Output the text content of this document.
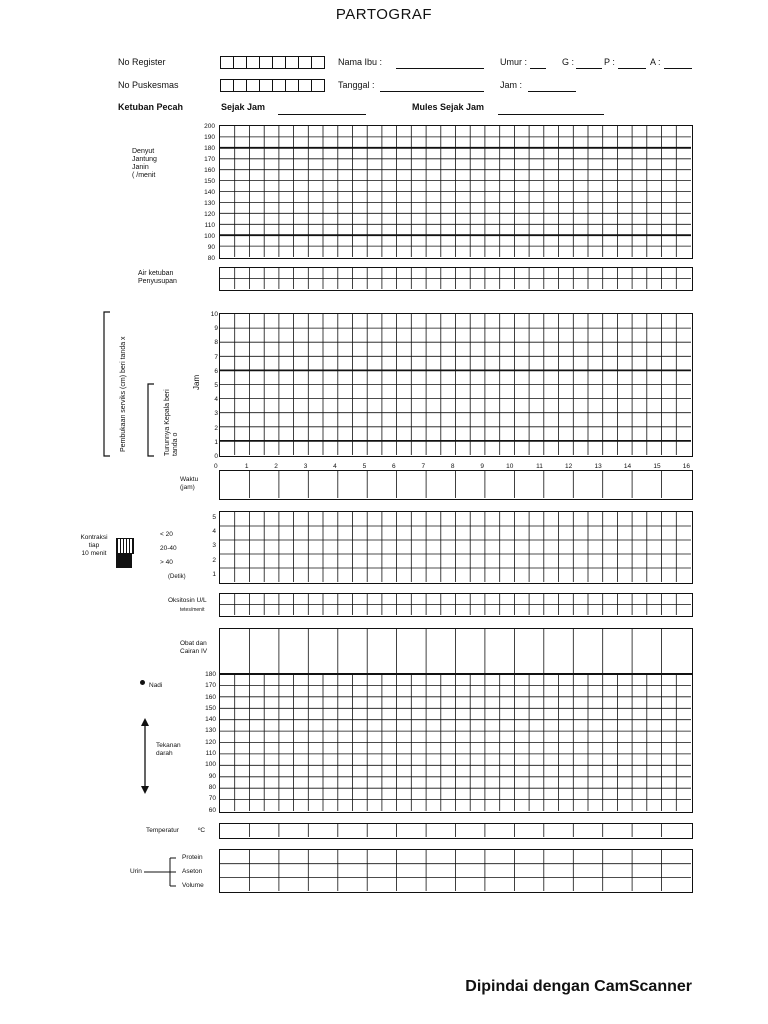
PARTOGRAF
No Register	Nama Ibu :	Umur :	G :	P :	A :
No Puskesmas	Tanggal :	Jam :
Ketuban Pecah	Sejak Jam	Mules Sejak Jam
Denyut
Jantung
Janin
( /menit
200
190
180
170
160
150
140
130
120
110
100
90
80
Air ketuban
Penyusupan
Pembukaan serviks (cm) beri tanda x	Turunnya Kepala beri tanda o
Jam
10
9
8
7
6
5
4
3
2
1
0
0	1	2	3	4	5	6	7	8	9	10	11	12	13	14	15	16
Waktu
(jam)
Kontraksi
tiap
10 menit
< 20
20-40
> 40
(Detik)
5
4
3
2
1
Oksitosin U/L
tetes/menit
Obat dan
Cairan IV
Nadi
Tekanan
darah
180
170
160
150
140
130
120
110
100
90
80
70
60
Temperatur	ºC
Urin
Protein
Aseton
Volume
Dipindai dengan CamScanner
